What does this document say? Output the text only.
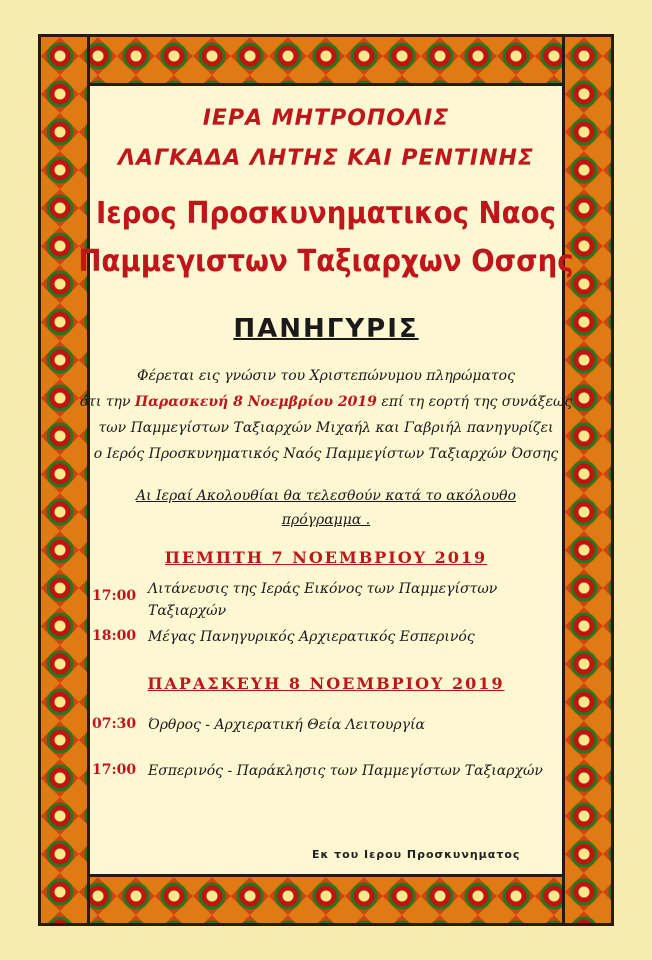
ΙΕΡΑ ΜΗΤΡΟΠΟΛΙΣ
ΛΑΓΚΑΔΑ ΛΗΤΗΣ ΚΑΙ ΡΕΝΤΙΝΗΣ
Ιερος Προσκυνηματικος Ναος
Παμμεγιστων Ταξιαρχων Οσσης
ΠΑΝΗΓΥΡΙΣ
Φέρεται εις γνώσιν του Χριστεπώνυμου πληρώματος
ότι την Παρασκευή 8 Νοεμβρίου 2019 επί τη εορτή της συνάξεως
των Παμμεγίστων Ταξιαρχών Μιχαήλ και Γαβριήλ πανηγυρίζει
ο Ιερός Προσκυνηματικός Ναός Παμμεγίστων Ταξιαρχών Όσσης
Αι Ιεραί Ακολουθίαι θα τελεσθούν κατά το ακόλουθο
πρόγραμμα .
ΠΕΜΠΤΗ 7 ΝΟΕΜΒΡΙΟΥ 2019
17:00 Λιτάνευσις της Ιεράς Εικόνος των Παμμεγίστων Ταξιαρχών
18:00 Μέγας Πανηγυρικός Αρχιερατικός Εσπερινός
ΠΑΡΑΣΚΕΥΗ 8 ΝΟΕΜΒΡΙΟΥ 2019
07:30 Όρθρος - Αρχιερατική Θεία Λειτουργία
17:00 Εσπερινός - Παράκλησις των Παμμεγίστων Ταξιαρχών
Εκ του Ιερου Προσκυνηματος
